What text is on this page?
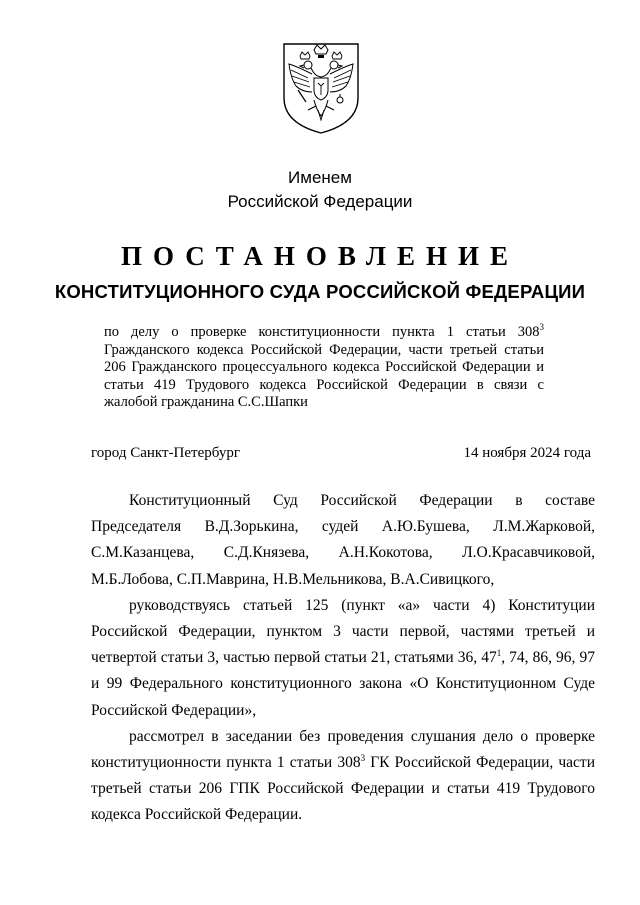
Именем
Российской Федерации
ПОСТАНОВЛЕНИЕ
КОНСТИТУЦИОННОГО СУДА РОССИЙСКОЙ ФЕДЕРАЦИИ
по делу о проверке конституционности пункта 1 статьи $308^3$ Гражданского кодекса Российской Федерации, части третьей статьи 206 Гражданского процессуального кодекса Российской Федерации и статьи 419 Трудового кодекса Российской Федерации в связи с жалобой гражданина С.С.Шапки
город Санкт-Петербург	14 ноября 2024 года

Конституционный Суд Российской Федерации в составе Председателя В.Д.Зорькина, судей А.Ю.Бушева, Л.М.Жарковой, С.М.Казанцева, С.Д.Князева, А.Н.Кокотова, Л.О.Красавчиковой, М.Б.Лобова, С.П.Маврина, Н.В.Мельникова, В.А.Сивицкого,

руководствуясь статьей 125 (пункт «а» части 4) Конституции Российской Федерации, пунктом 3 части первой, частями третьей и четвертой статьи 3, частью первой статьи 21, статьями 36, $47^1$, 74, 86, 96, 97 и 99 Федерального конституционного закона «О Конституционном Суде Российской Федерации»,

рассмотрел в заседании без проведения слушания дело о проверке конституционности пункта 1 статьи $308^3$ ГК Российской Федерации, части третьей статьи 206 ГПК Российской Федерации и статьи 419 Трудового кодекса Российской Федерации.
